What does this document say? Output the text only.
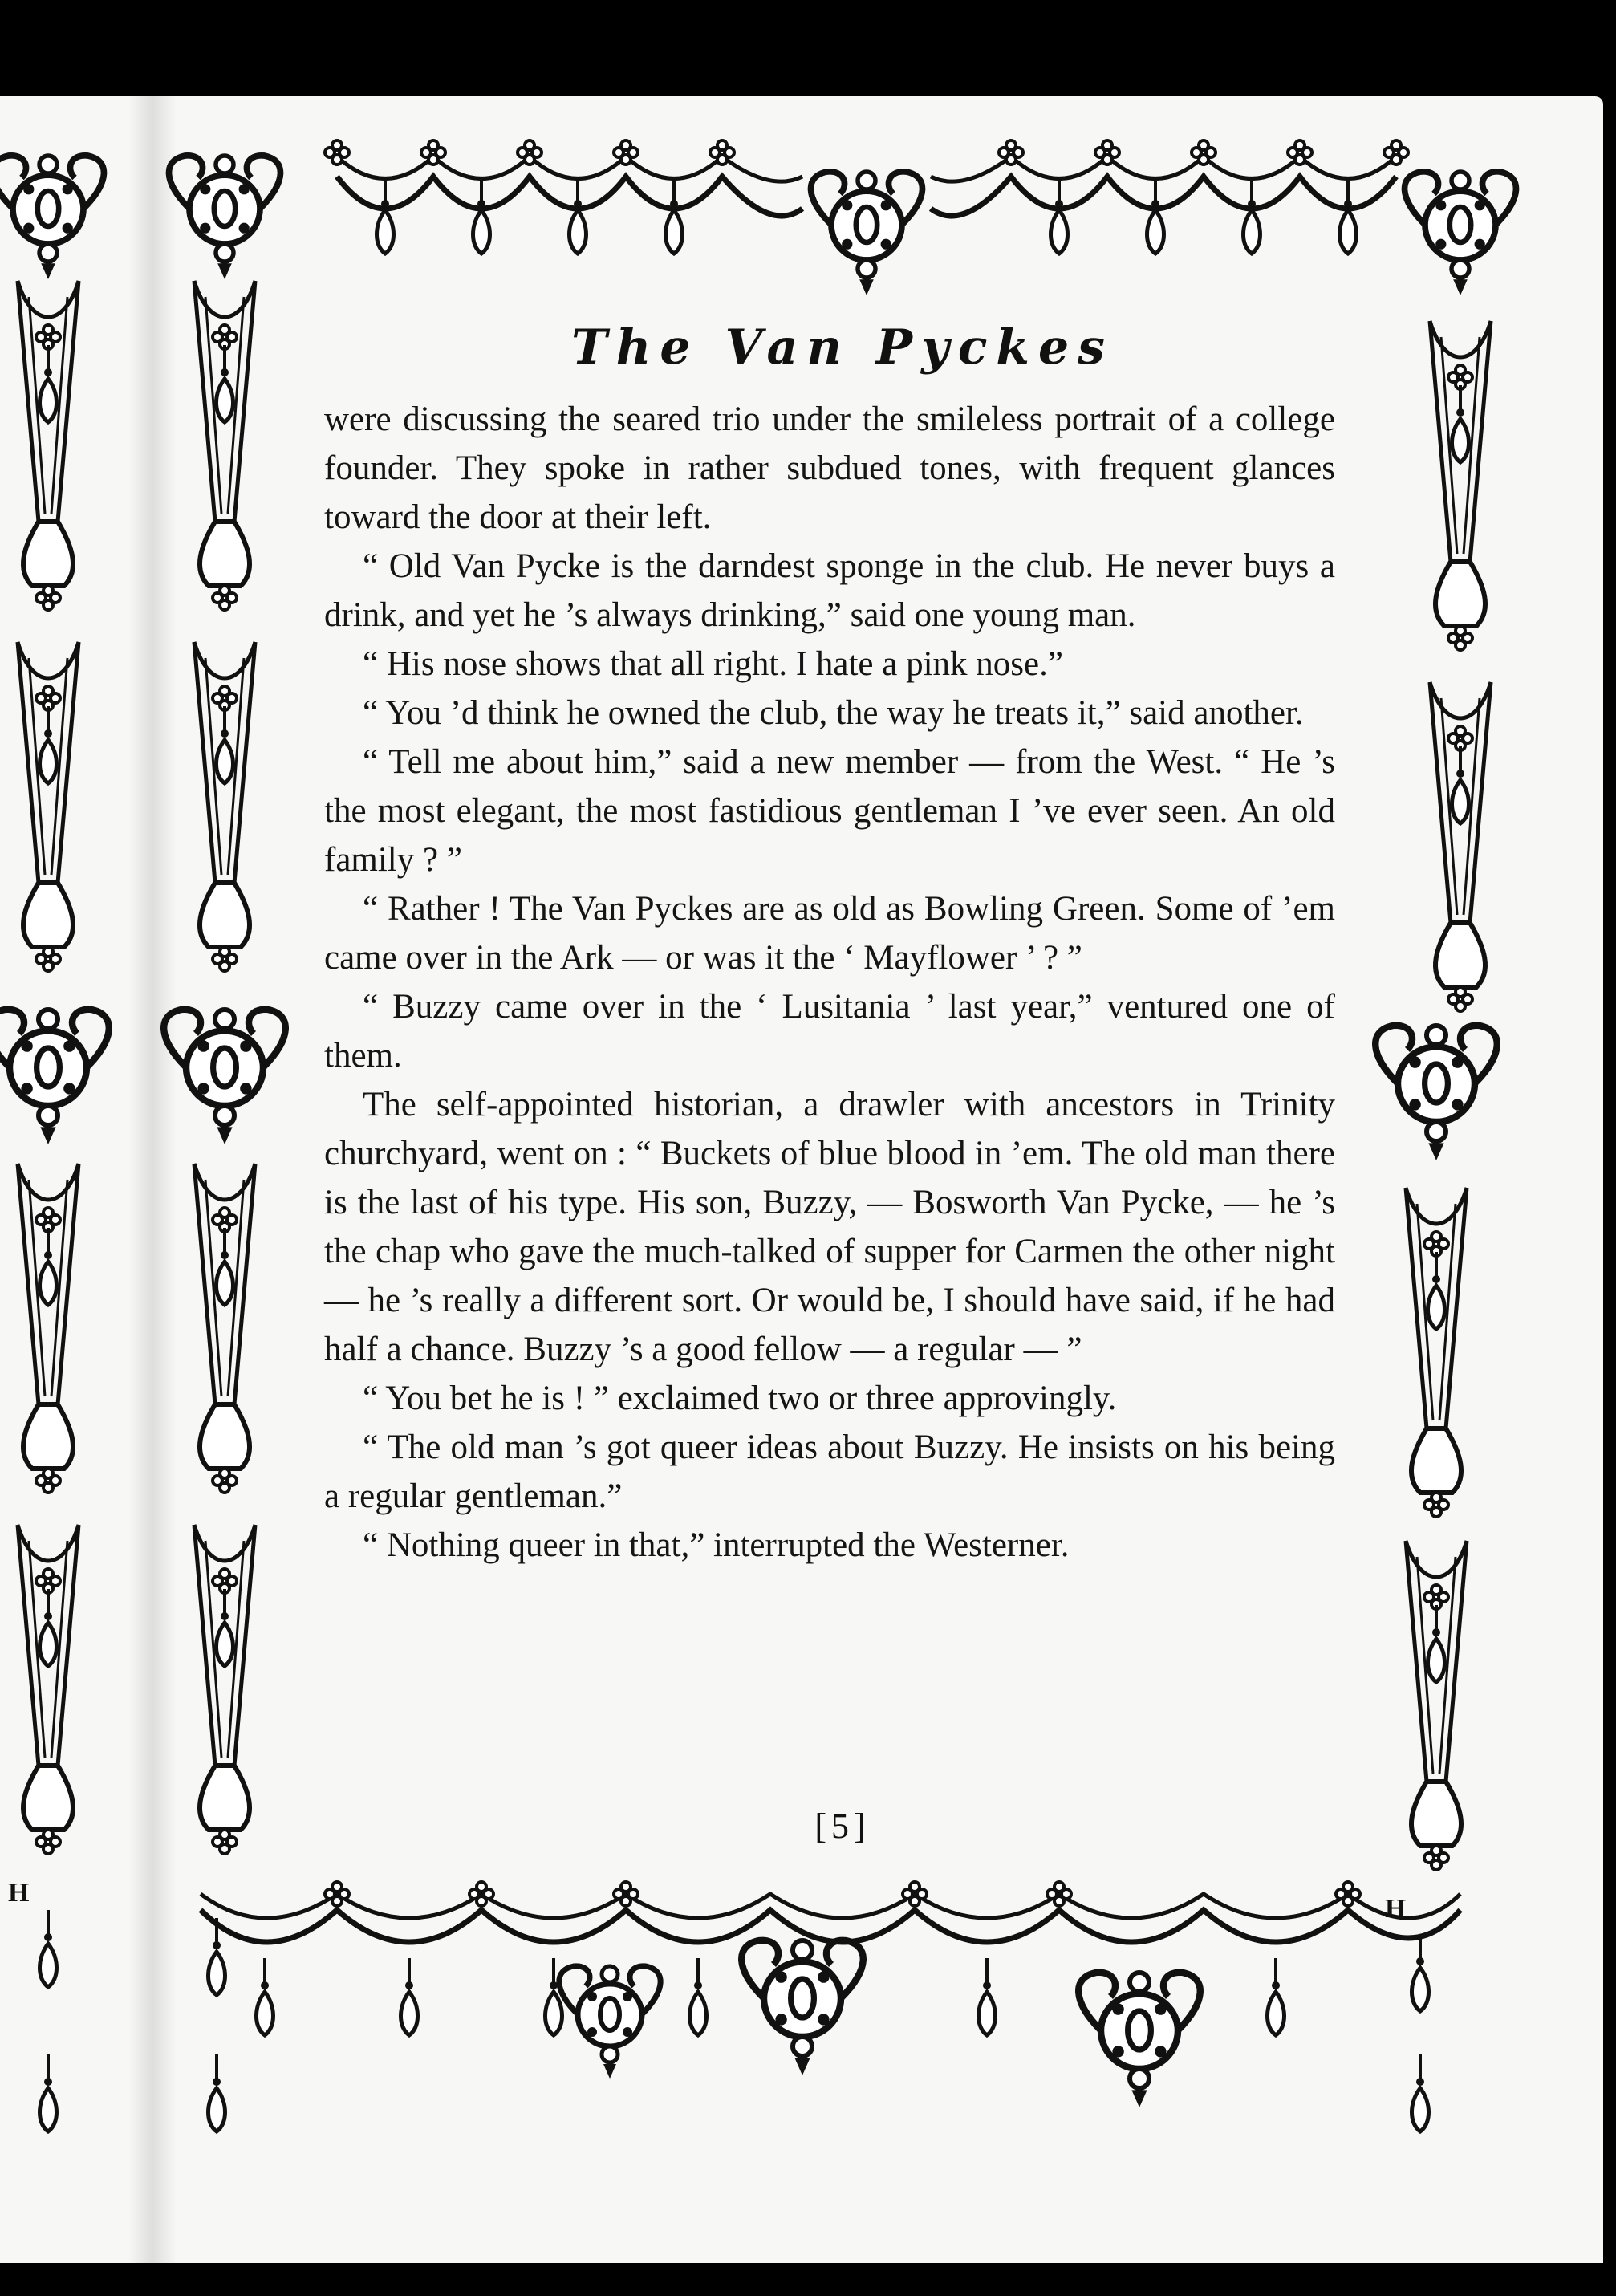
H
H
The Van Pyckes

were discussing the seared trio under the smileless portrait of a college founder. They spoke in rather subdued tones, with frequent glances toward the door at their left.

“ Old Van Pycke is the darndest sponge in the club. He never buys a drink, and yet he ’s always drinking,” said one young man.

“ His nose shows that all right. I hate a pink nose.”

“ You ’d think he owned the club, the way he treats it,” said another.

“ Tell me about him,” said a new member — from the West. “ He ’s the most elegant, the most fastidious gentleman I ’ve ever seen. An old family ? ”

“ Rather ! The Van Pyckes are as old as Bowling Green. Some of ’em came over in the Ark — or was it the ‘ Mayflower ’ ? ”

“ Buzzy came over in the ‘ Lusitania ’ last year,” ventured one of them.

The self-appointed historian, a drawler with ancestors in Trinity churchyard, went on : “ Buckets of blue blood in ’em. The old man there is the last of his type. His son, Buzzy, — Bosworth Van Pycke, — he ’s the chap who gave the much-talked of supper for Carmen the other night — he ’s really a different sort. Or would be, I should have said, if he had half a chance. Buzzy ’s a good fellow — a regular — ”

“ You bet he is ! ” exclaimed two or three approvingly.

“ The old man ’s got queer ideas about Buzzy. He insists on his being a regular gentleman.”

“ Nothing queer in that,” interrupted the Westerner.

[5]
